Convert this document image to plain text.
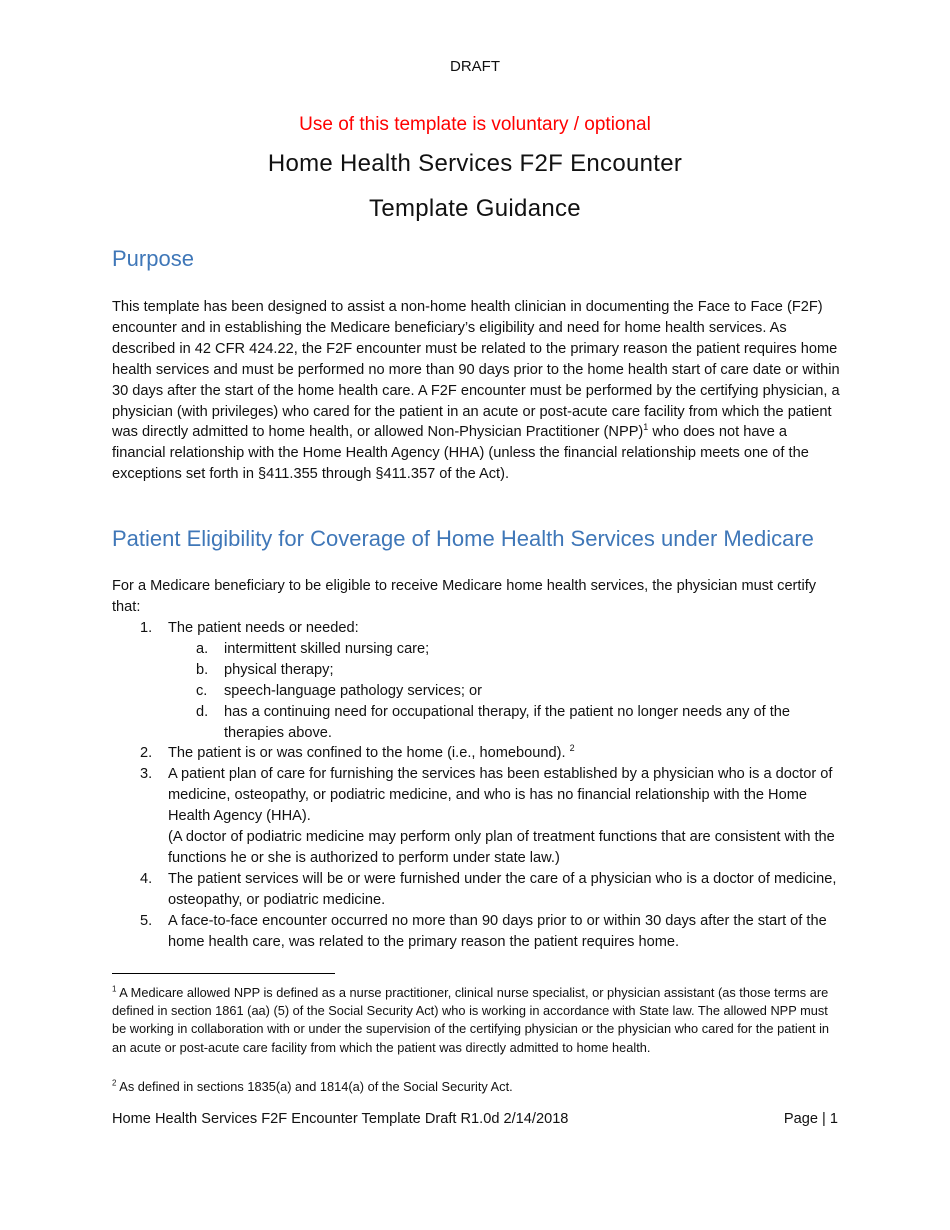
DRAFT
Use of this template is voluntary / optional
Home Health Services F2F Encounter
Template Guidance
Purpose
This template has been designed to assist a non-home health clinician in documenting the Face to Face (F2F) encounter and in establishing the Medicare beneficiary’s eligibility and need for home health services. As described in 42 CFR 424.22, the F2F encounter must be related to the primary reason the patient requires home health services and must be performed no more than 90 days prior to the home health start of care date or within 30 days after the start of the home health care. A F2F encounter must be performed by the certifying physician, a physician (with privileges) who cared for the patient in an acute or post-acute care facility from which the patient was directly admitted to home health, or allowed Non-Physician Practitioner (NPP)$^1$ who does not have a financial relationship with the Home Health Agency (HHA) (unless the financial relationship meets one of the exceptions set forth in §411.355 through §411.357 of the Act).
Patient Eligibility for Coverage of Home Health Services under Medicare
For a Medicare beneficiary to be eligible to receive Medicare home health services, the physician must certify that:
1. The patient needs or needed:
a. intermittent skilled nursing care;
b. physical therapy;
c. speech-language pathology services; or
d. has a continuing need for occupational therapy, if the patient no longer needs any of the therapies above.
2. The patient is or was confined to the home (i.e., homebound). $^2$
3. A patient plan of care for furnishing the services has been established by a physician who is a doctor of medicine, osteopathy, or podiatric medicine, and who is has no financial relationship with the Home Health Agency (HHA).
(A doctor of podiatric medicine may perform only plan of treatment functions that are consistent with the functions he or she is authorized to perform under state law.)
4. The patient services will be or were furnished under the care of a physician who is a doctor of medicine, osteopathy, or podiatric medicine.
5. A face-to-face encounter occurred no more than 90 days prior to or within 30 days after the start of the home health care, was related to the primary reason the patient requires home.
$^1$ A Medicare allowed NPP is defined as a nurse practitioner, clinical nurse specialist, or physician assistant (as those terms are defined in section 1861 (aa) (5) of the Social Security Act) who is working in accordance with State law. The allowed NPP must be working in collaboration with or under the supervision of the certifying physician or the physician who cared for the patient in an acute or post-acute care facility from which the patient was directly admitted to home health.
$^2$ As defined in sections 1835(a) and 1814(a) of the Social Security Act.
Home Health Services F2F Encounter Template Draft R1.0d 2/14/2018	Page | 1
